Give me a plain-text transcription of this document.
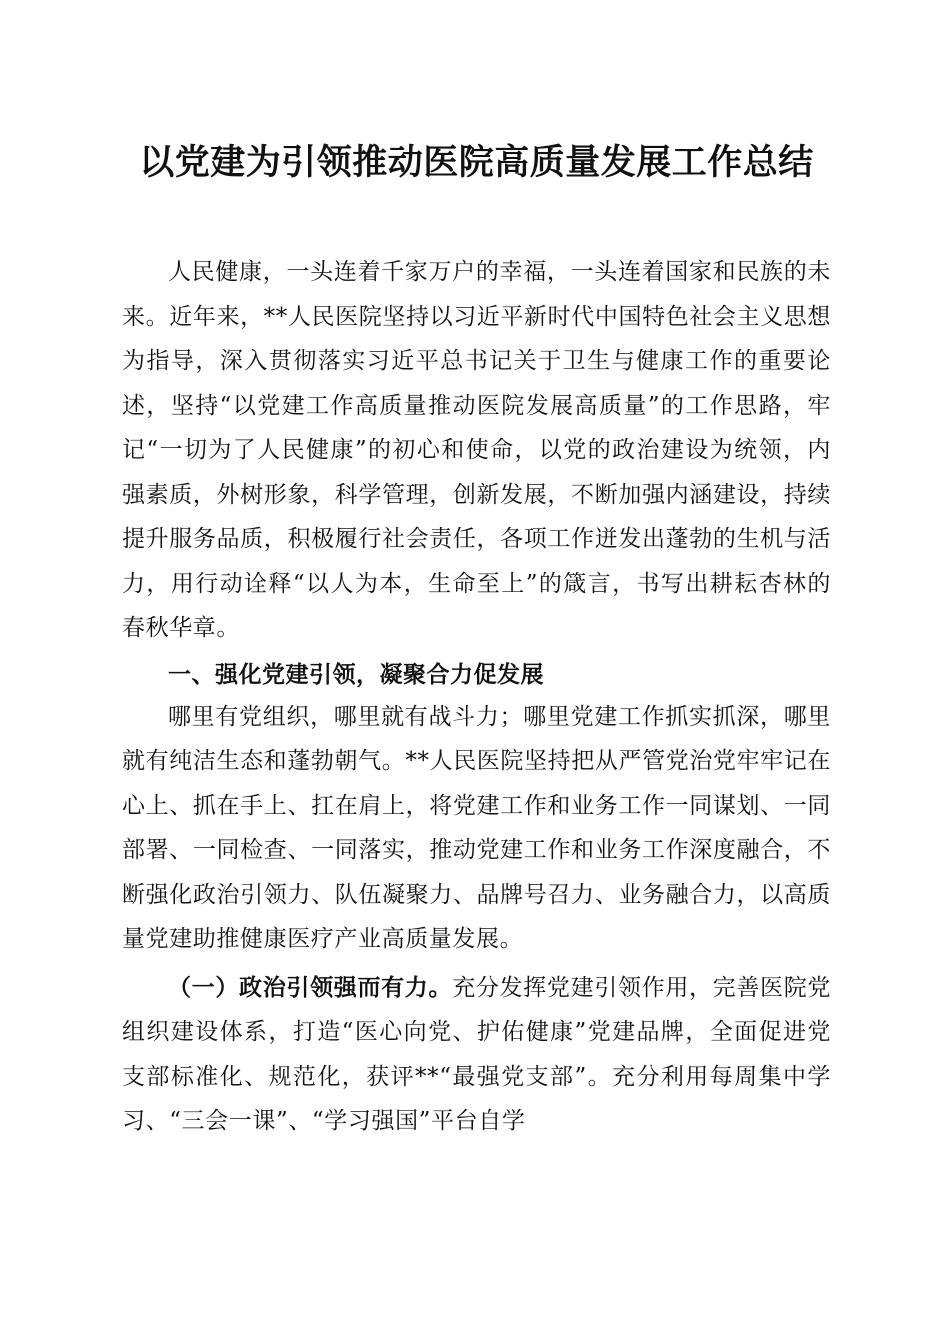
以党建为引领推动医院高质量发展工作总结

人民健康，一头连着千家万户的幸福，一头连着国家和民族的未来。近年来，**人民医院坚持以习近平新时代中国特色社会主义思想为指导，深入贯彻落实习近平总书记关于卫生与健康工作的重要论述，坚持“以党建工作高质量推动医院发展高质量”的工作思路，牢记“一切为了人民健康”的初心和使命，以党的政治建设为统领，内强素质，外树形象，科学管理，创新发展，不断加强内涵建设，持续提升服务品质，积极履行社会责任，各项工作迸发出蓬勃的生机与活力，用行动诠释“以人为本，生命至上”的箴言，书写出耕耘杏林的春秋华章。

一、强化党建引领，凝聚合力促发展

哪里有党组织，哪里就有战斗力；哪里党建工作抓实抓深，哪里就有纯洁生态和蓬勃朝气。**人民医院坚持把从严管党治党牢牢记在心上、抓在手上、扛在肩上，将党建工作和业务工作一同谋划、一同部署、一同检查、一同落实，推动党建工作和业务工作深度融合，不断强化政治引领力、队伍凝聚力、品牌号召力、业务融合力，以高质量党建助推健康医疗产业高质量发展。

（一）政治引领强而有力。充分发挥党建引领作用，完善医院党组织建设体系，打造“医心向党、护佑健康”党建品牌，全面促进党支部标准化、规范化，获评**“最强党支部”。充分利用每周集中学习、“三会一课”、“学习强国”平台自学
